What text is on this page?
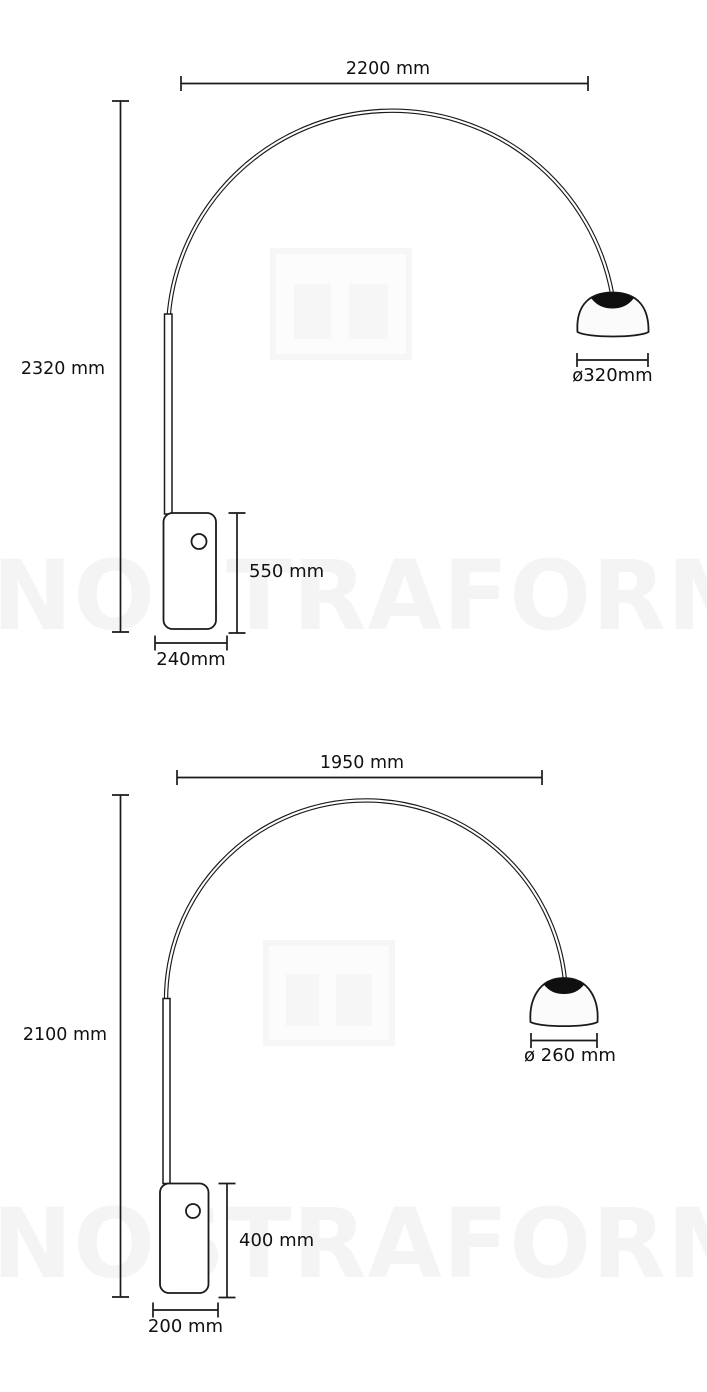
2200 mm
2320 mm
550 mm
240mm
ø320mm
1950 mm
2100 mm
400 mm
200 mm
ø 260 mm
